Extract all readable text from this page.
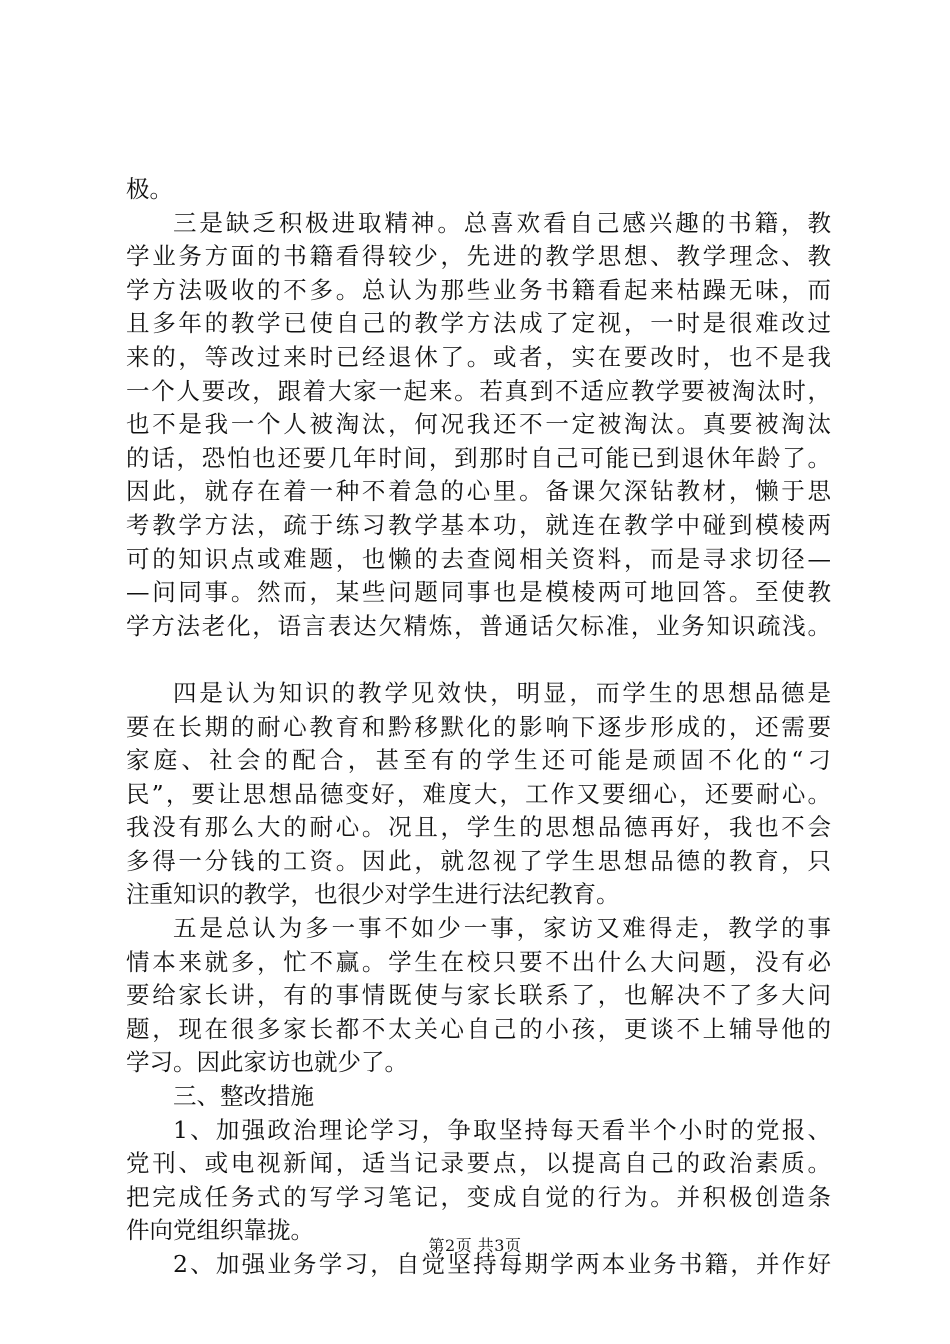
极。

三是缺乏积极进取精神。总喜欢看自己感兴趣的书籍，教

学业务方面的书籍看得较少，先进的教学思想、教学理念、教

学方法吸收的不多。总认为那些业务书籍看起来枯躁无味，而

且多年的教学已使自己的教学方法成了定视，一时是很难改过

来的，等改过来时已经退休了。或者，实在要改时，也不是我

一个人要改，跟着大家一起来。若真到不适应教学要被淘汰时，

也不是我一个人被淘汰，何况我还不一定被淘汰。真要被淘汰

的话，恐怕也还要几年时间，到那时自己可能已到退休年龄了。

因此，就存在着一种不着急的心里。备课欠深钻教材，懒于思

考教学方法，疏于练习教学基本功，就连在教学中碰到模棱两

可的知识点或难题，也懒的去查阅相关资料，而是寻求切径—

—问同事。然而，某些问题同事也是模棱两可地回答。至使教

学方法老化，语言表达欠精炼，普通话欠标准，业务知识疏浅。

四是认为知识的教学见效快，明显，而学生的思想品德是

要在长期的耐心教育和黔移默化的影响下逐步形成的，还需要

家庭、社会的配合，甚至有的学生还可能是顽固不化的“刁

民”，要让思想品德变好，难度大，工作又要细心，还要耐心。

我没有那么大的耐心。况且，学生的思想品德再好，我也不会

多得一分钱的工资。因此，就忽视了学生思想品德的教育，只

注重知识的教学，也很少对学生进行法纪教育。

五是总认为多一事不如少一事，家访又难得走，教学的事

情本来就多，忙不赢。学生在校只要不出什么大问题，没有必

要给家长讲，有的事情既使与家长联系了，也解决不了多大问

题，现在很多家长都不太关心自己的小孩，更谈不上辅导他的

学习。因此家访也就少了。

三、整改措施

1、加强政治理论学习，争取坚持每天看半个小时的党报、

党刊、或电视新闻，适当记录要点，以提高自己的政治素质。

把完成任务式的写学习笔记，变成自觉的行为。并积极创造条

件向党组织靠拢。

2、加强业务学习，自觉坚持每期学两本业务书籍，并作好

第2页 共3页
